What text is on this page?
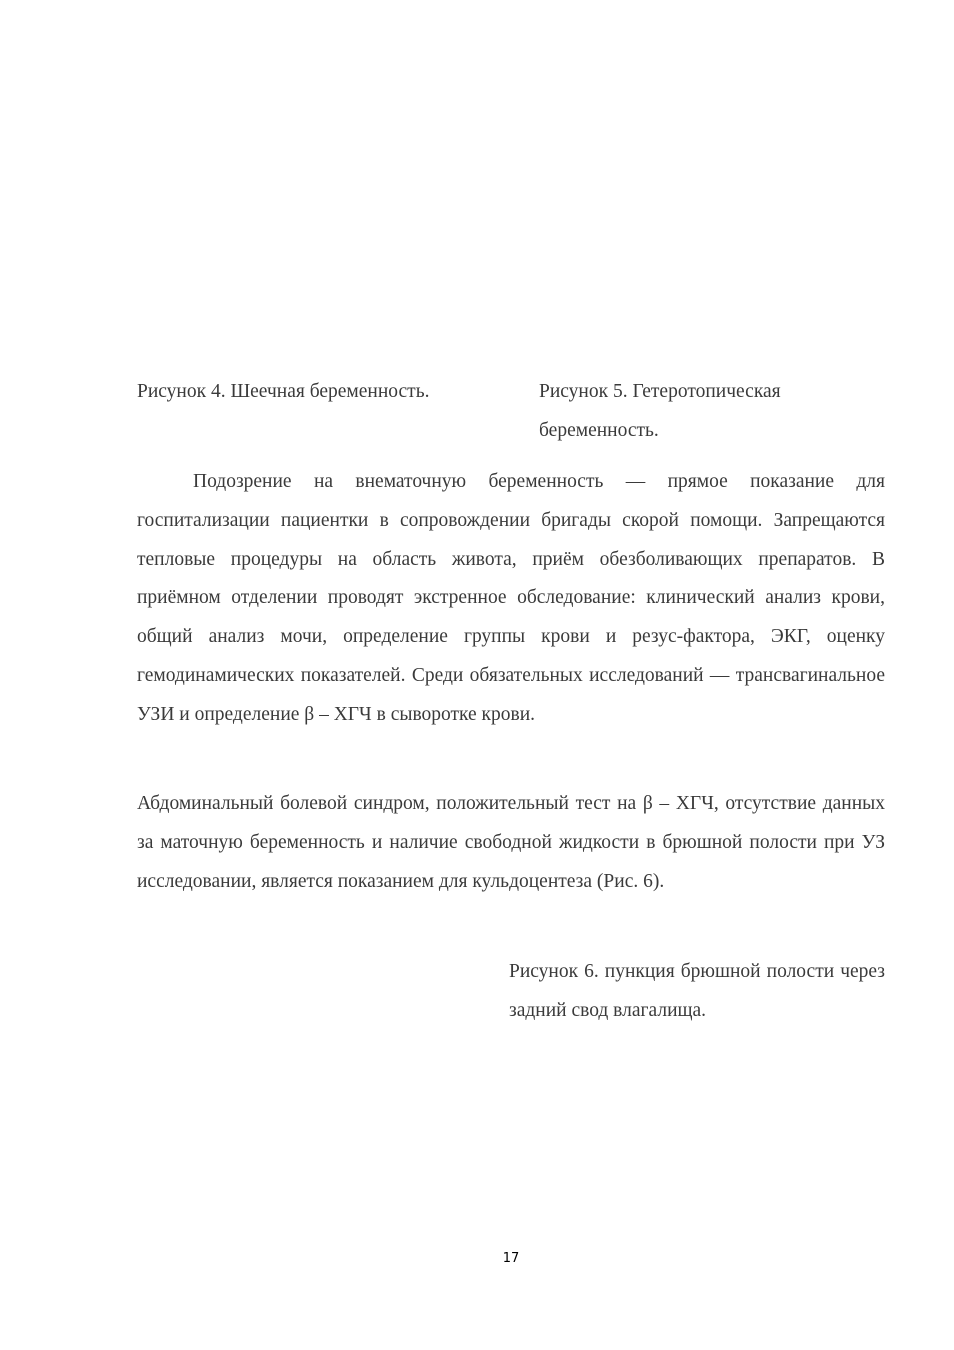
Рисунок 4. Шеечная беременность.	Рисунок 5. Гетеротопическая беременность.

Подозрение на внематочную беременность — прямое показание для госпитализации пациентки в сопровождении бригады скорой помощи. Запрещаются тепловые процедуры на область живота, приём обезболивающих препаратов. В приёмном отделении проводят экстренное обследование: клинический анализ крови, общий анализ мочи, определение группы крови и резус-фактора, ЭКГ, оценку гемодинамических показателей. Среди обязательных исследований — трансвагинальное УЗИ и определение β – ХГЧ в сыворотке крови.

Абдоминальный болевой синдром, положительный тест на β – ХГЧ, отсутствие данных за маточную беременность и наличие свободной жидкости в брюшной полости при УЗ исследовании, является показанием для кульдоцентеза (Рис. 6).

Рисунок 6. пункция брюшной полости через задний свод влагалища.
17
